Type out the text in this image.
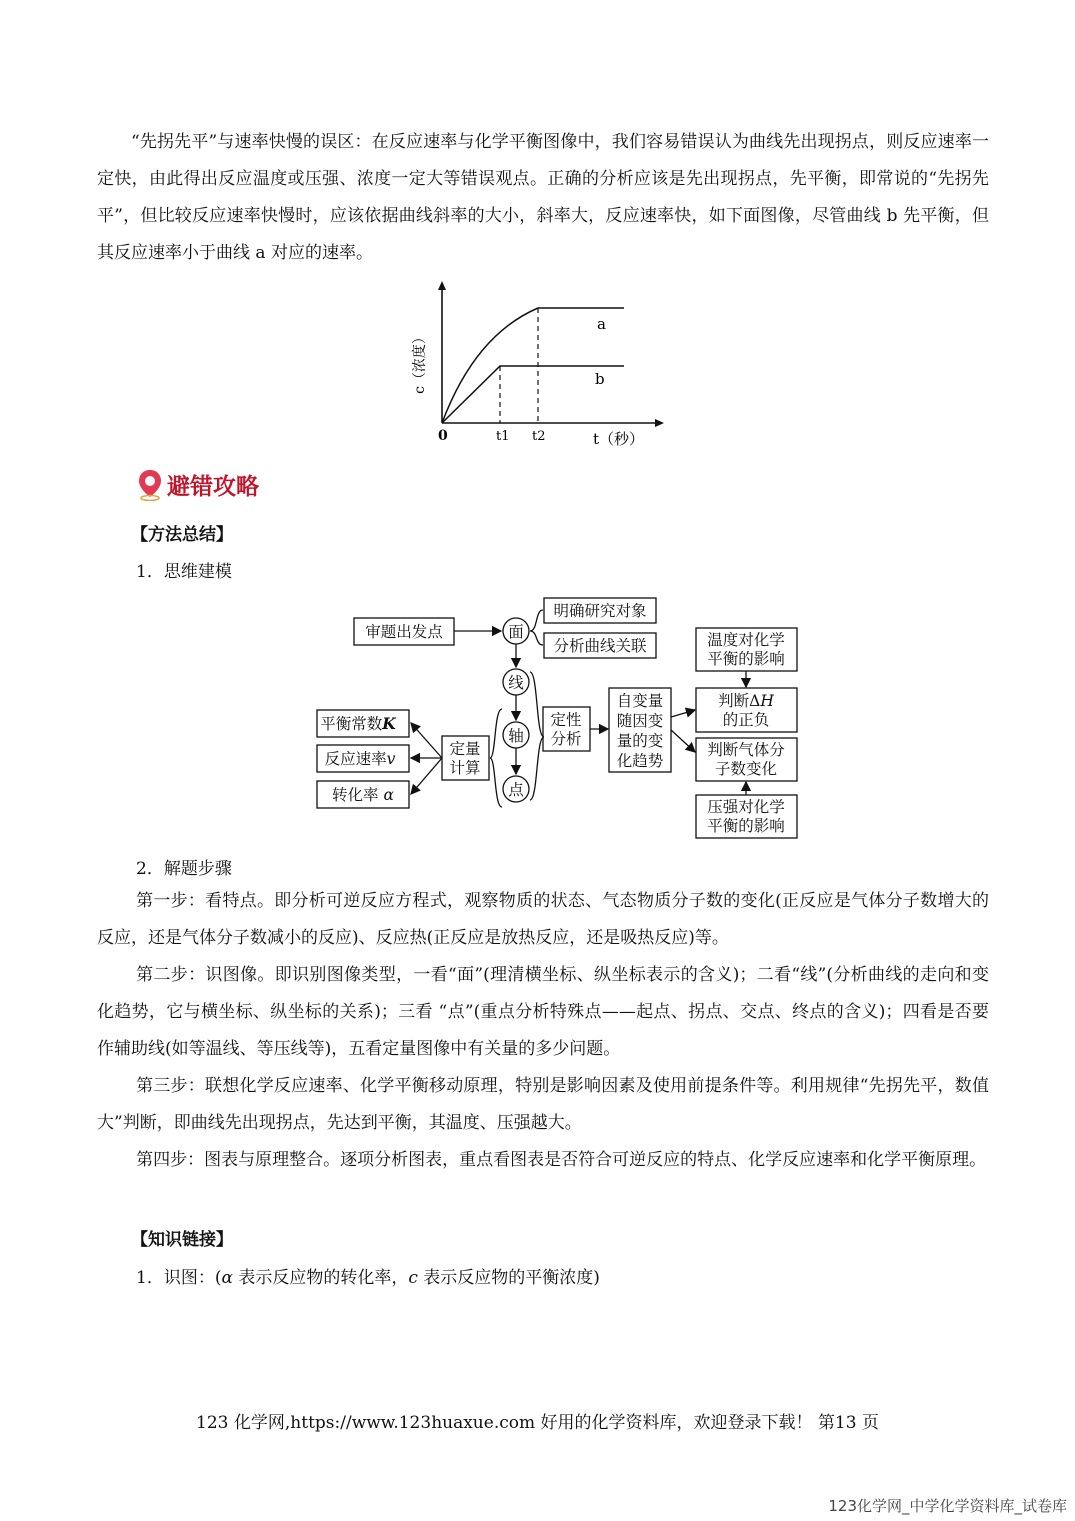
“先拐先平”与速率快慢的误区：在反应速率与化学平衡图像中，我们容易错误认为曲线先出现拐点，则反应速率一定快，由此得出反应温度或压强、浓度一定大等错误观点。正确的分析应该是先出现拐点，先平衡，即常说的“先拐先平”，但比较反应速率快慢时，应该依据曲线斜率的大小，斜率大，反应速率快，如下面图像，尽管曲线 b 先平衡，但其反应速率小于曲线 a 对应的速率。

0	t1 t2	t（秒）
a
b
c（浓度）
避错攻略
【方法总结】
1．思维建模
审题出发点
明确研究对象
分析曲线关联
面
线
轴
点
定量
计算
定性
分析
平衡常数K
反应速率v
转化率 α
自变量
随因变
量的变
化趋势
温度对化学
平衡的影响
判断ΔH
的正负
判断气体分
子数变化
压强对化学
平衡的影响
2．解题步骤

第一步：看特点。即分析可逆反应方程式，观察物质的状态、气态物质分子数的变化(正反应是气体分子数增大的反应，还是气体分子数减小的反应)、反应热(正反应是放热反应，还是吸热反应)等。

第二步：识图像。即识别图像类型，一看“面”(理清横坐标、纵坐标表示的含义)；二看“线”(分析曲线的走向和变化趋势，它与横坐标、纵坐标的关系)；三看 “点”(重点分析特殊点——起点、拐点、交点、终点的含义)；四看是否要作辅助线(如等温线、等压线等)，五看定量图像中有关量的多少问题。

第三步：联想化学反应速率、化学平衡移动原理，特别是影响因素及使用前提条件等。利用规律“先拐先平，数值大”判断，即曲线先出现拐点，先达到平衡，其温度、压强越大。

第四步：图表与原理整合。逐项分析图表，重点看图表是否符合可逆反应的特点、化学反应速率和化学平衡原理。

【知识链接】
1．识图：(α 表示反应物的转化率，c 表示反应物的平衡浓度)
123 化学网,https://www.123huaxue.com 好用的化学资料库，欢迎登录下载！ 第13 页
123化学网_中学化学资料库_试卷库
